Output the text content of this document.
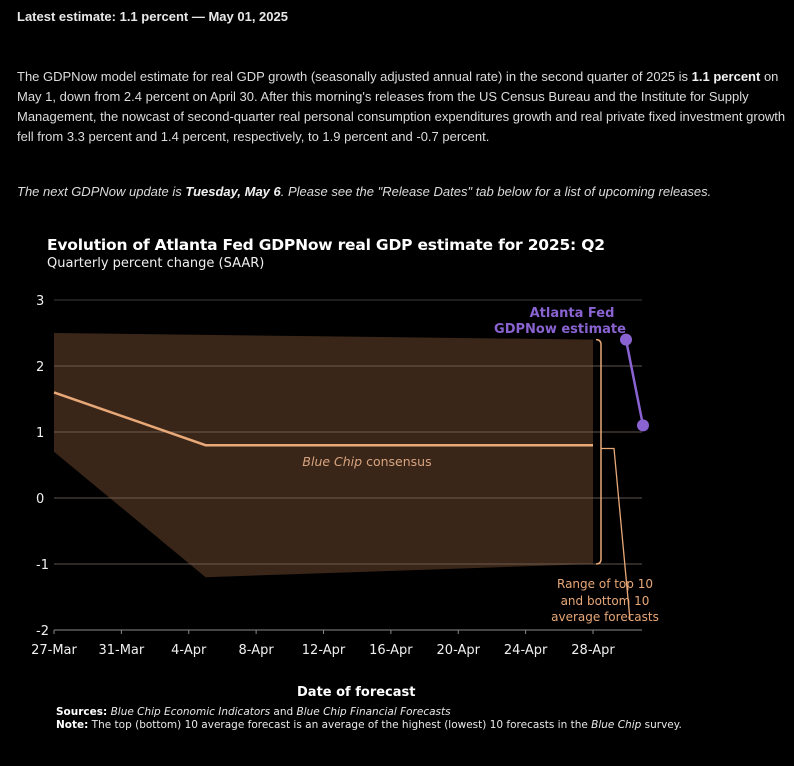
Latest estimate: 1.1 percent — May 01, 2025
The GDPNow model estimate for real GDP growth (seasonally adjusted annual rate) in the second quarter of 2025 is 1.1 percent on May 1, down from 2.4 percent on April 30. After this morning's releases from the US Census Bureau and the Institute for Supply Management, the nowcast of second-quarter real personal consumption expenditures growth and real private fixed investment growth fell from 3.3 percent and 1.4 percent, respectively, to 1.9 percent and -0.7 percent.
The next GDPNow update is Tuesday, May 6. Please see the "Release Dates" tab below for a list of upcoming releases.
Evolution of Atlanta Fed GDPNow real GDP estimate for 2025: Q2
Quarterly percent change (SAAR)
3
2
1
0
-1
-2
27-Mar 31-Mar 4-Apr 8-Apr 12-Apr 16-Apr 20-Apr 24-Apr 28-Apr
Atlanta Fed
GDPNow estimate
Blue Chip consensus
Range of top 10
and bottom 10
average forecasts
Date of forecast
Sources: Blue Chip Economic Indicators and Blue Chip Financial Forecasts
Note: The top (bottom) 10 average forecast is an average of the highest (lowest) 10 forecasts in the Blue Chip survey.
